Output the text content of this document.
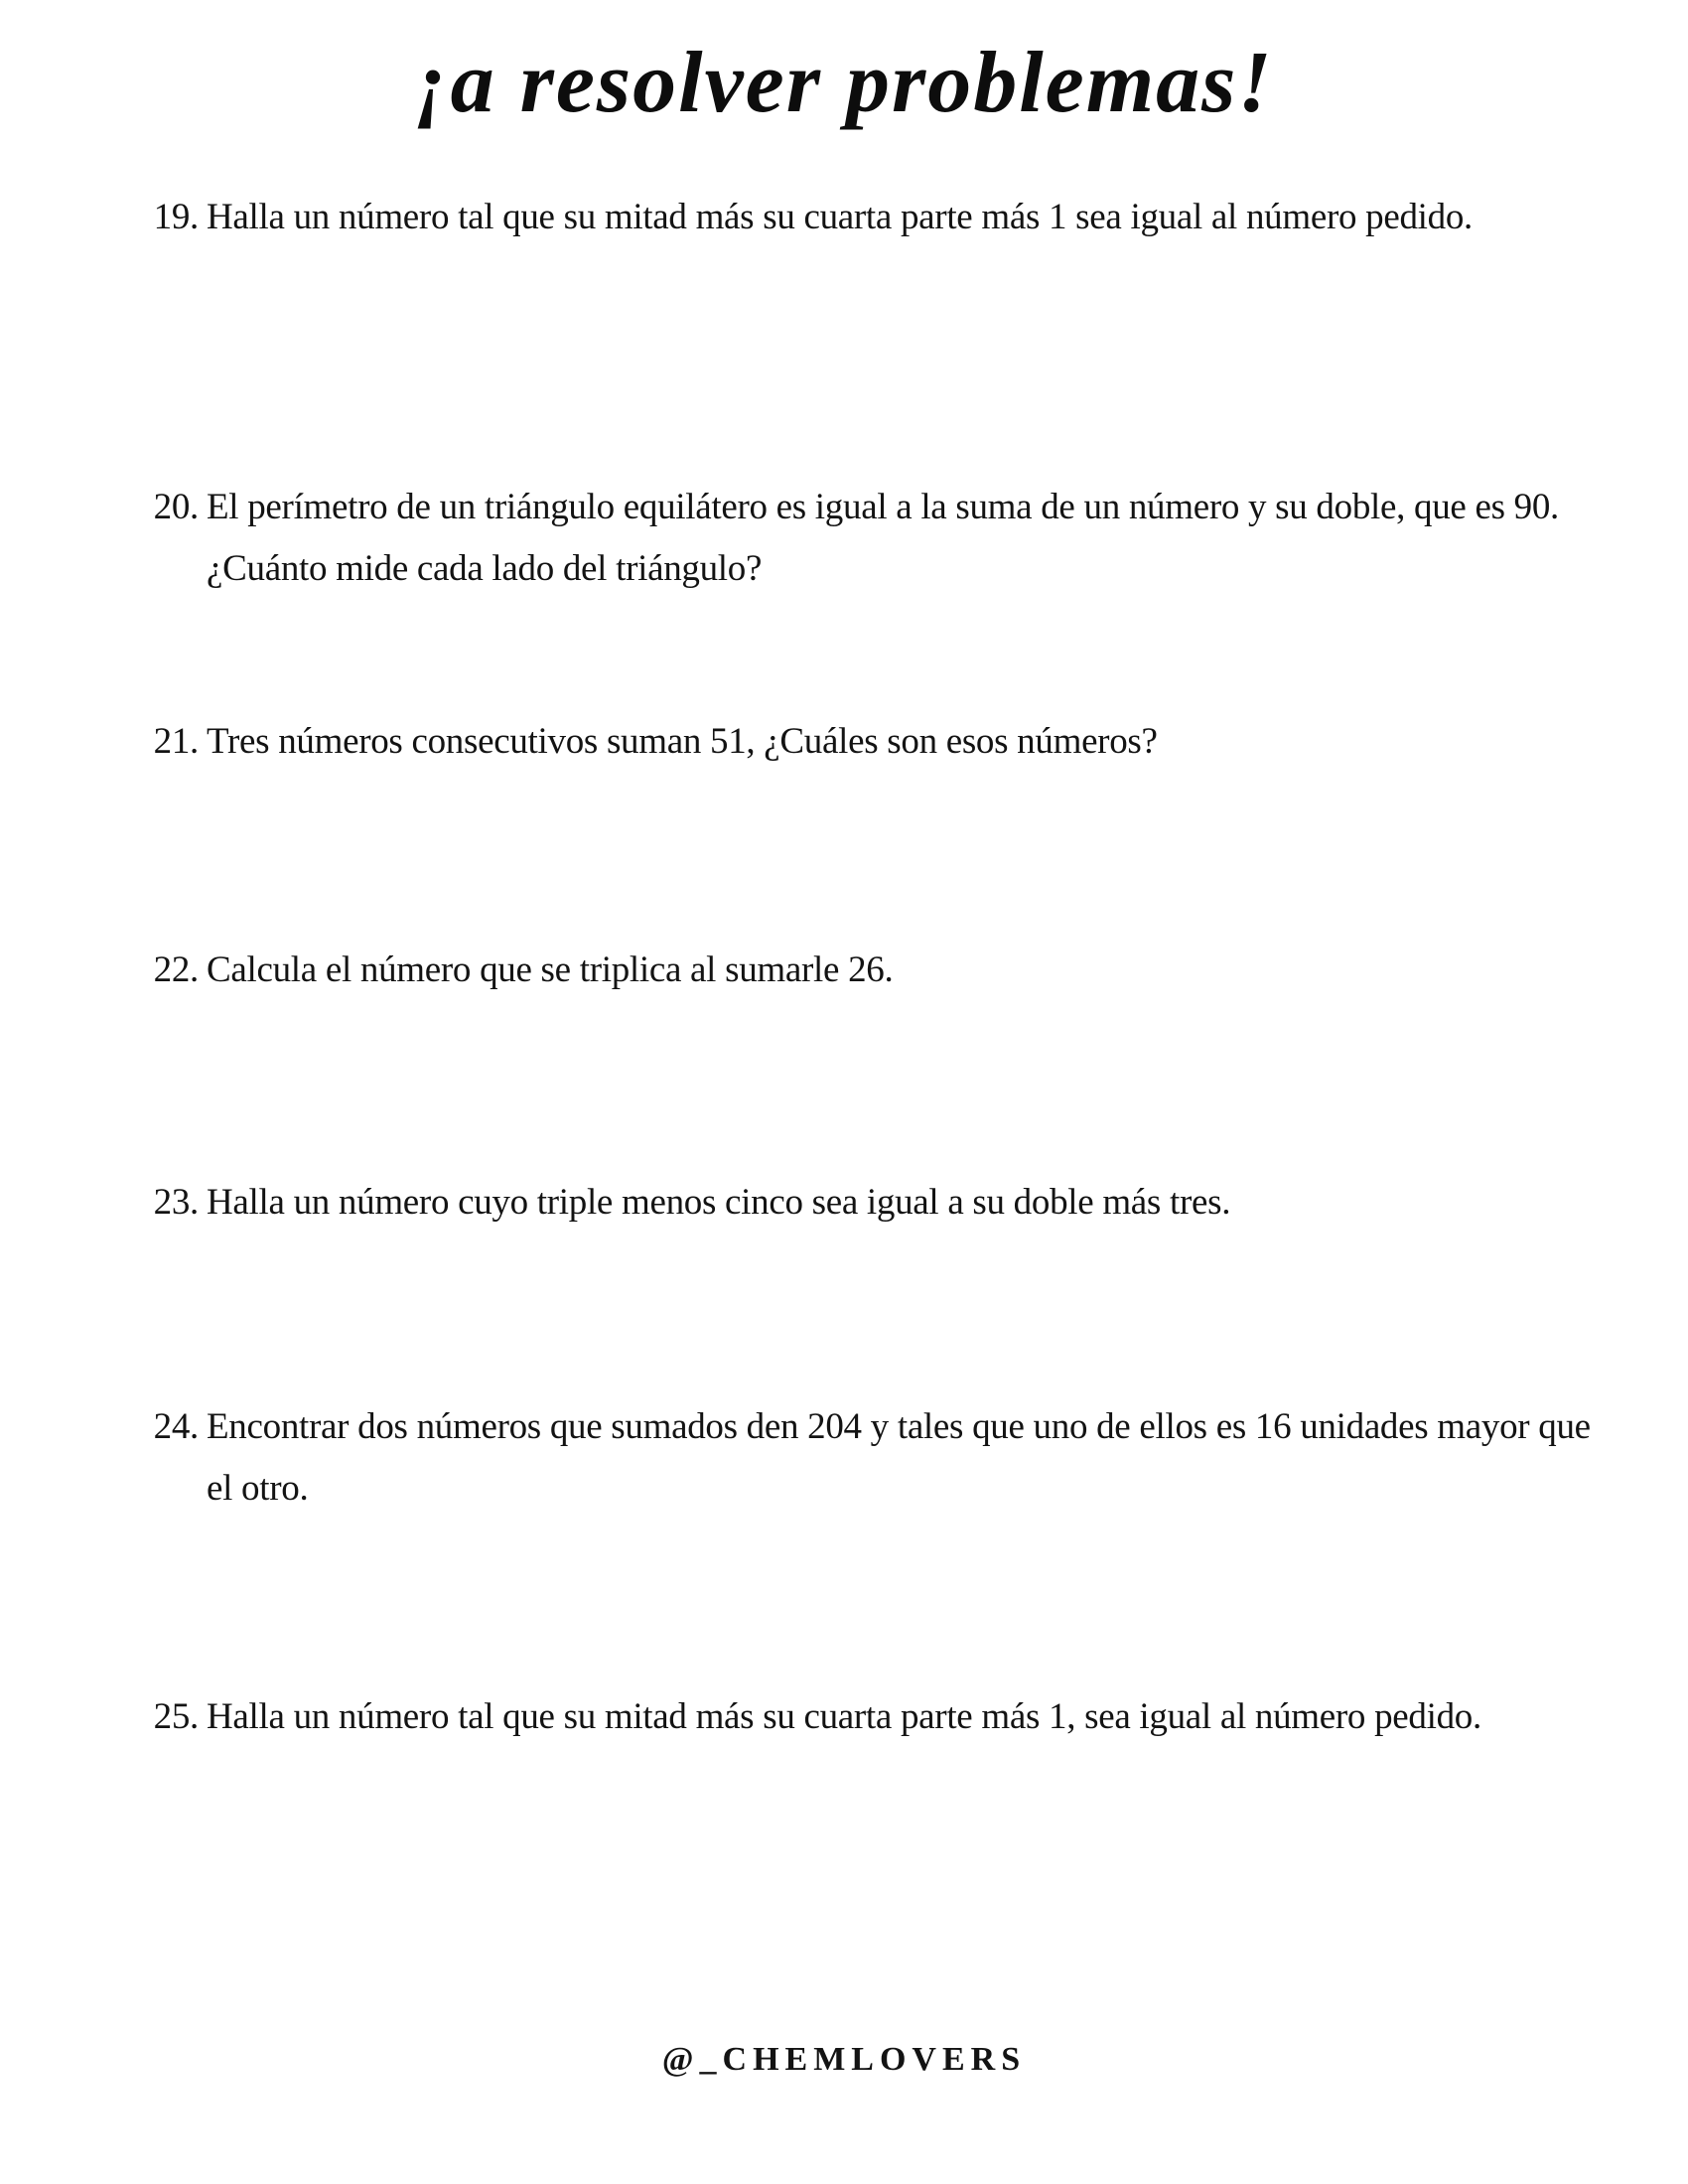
¡a resolver problemas!
19. Halla un número tal que su mitad más su cuarta parte más 1 sea igual al número pedido.
20. El perímetro de un triángulo equilátero es igual a la suma de un número y su doble, que es 90. ¿Cuánto mide cada lado del triángulo?
21. Tres números consecutivos suman 51, ¿Cuáles son esos números?
22. Calcula el número que se triplica al sumarle 26.
23. Halla un número cuyo triple menos cinco sea igual a su doble más tres.
24. Encontrar dos números que sumados den 204 y tales que uno de ellos es 16 unidades mayor que el otro.
25. Halla un número tal que su mitad más su cuarta parte más 1, sea igual al número pedido.
@_CHEMLOVERS
